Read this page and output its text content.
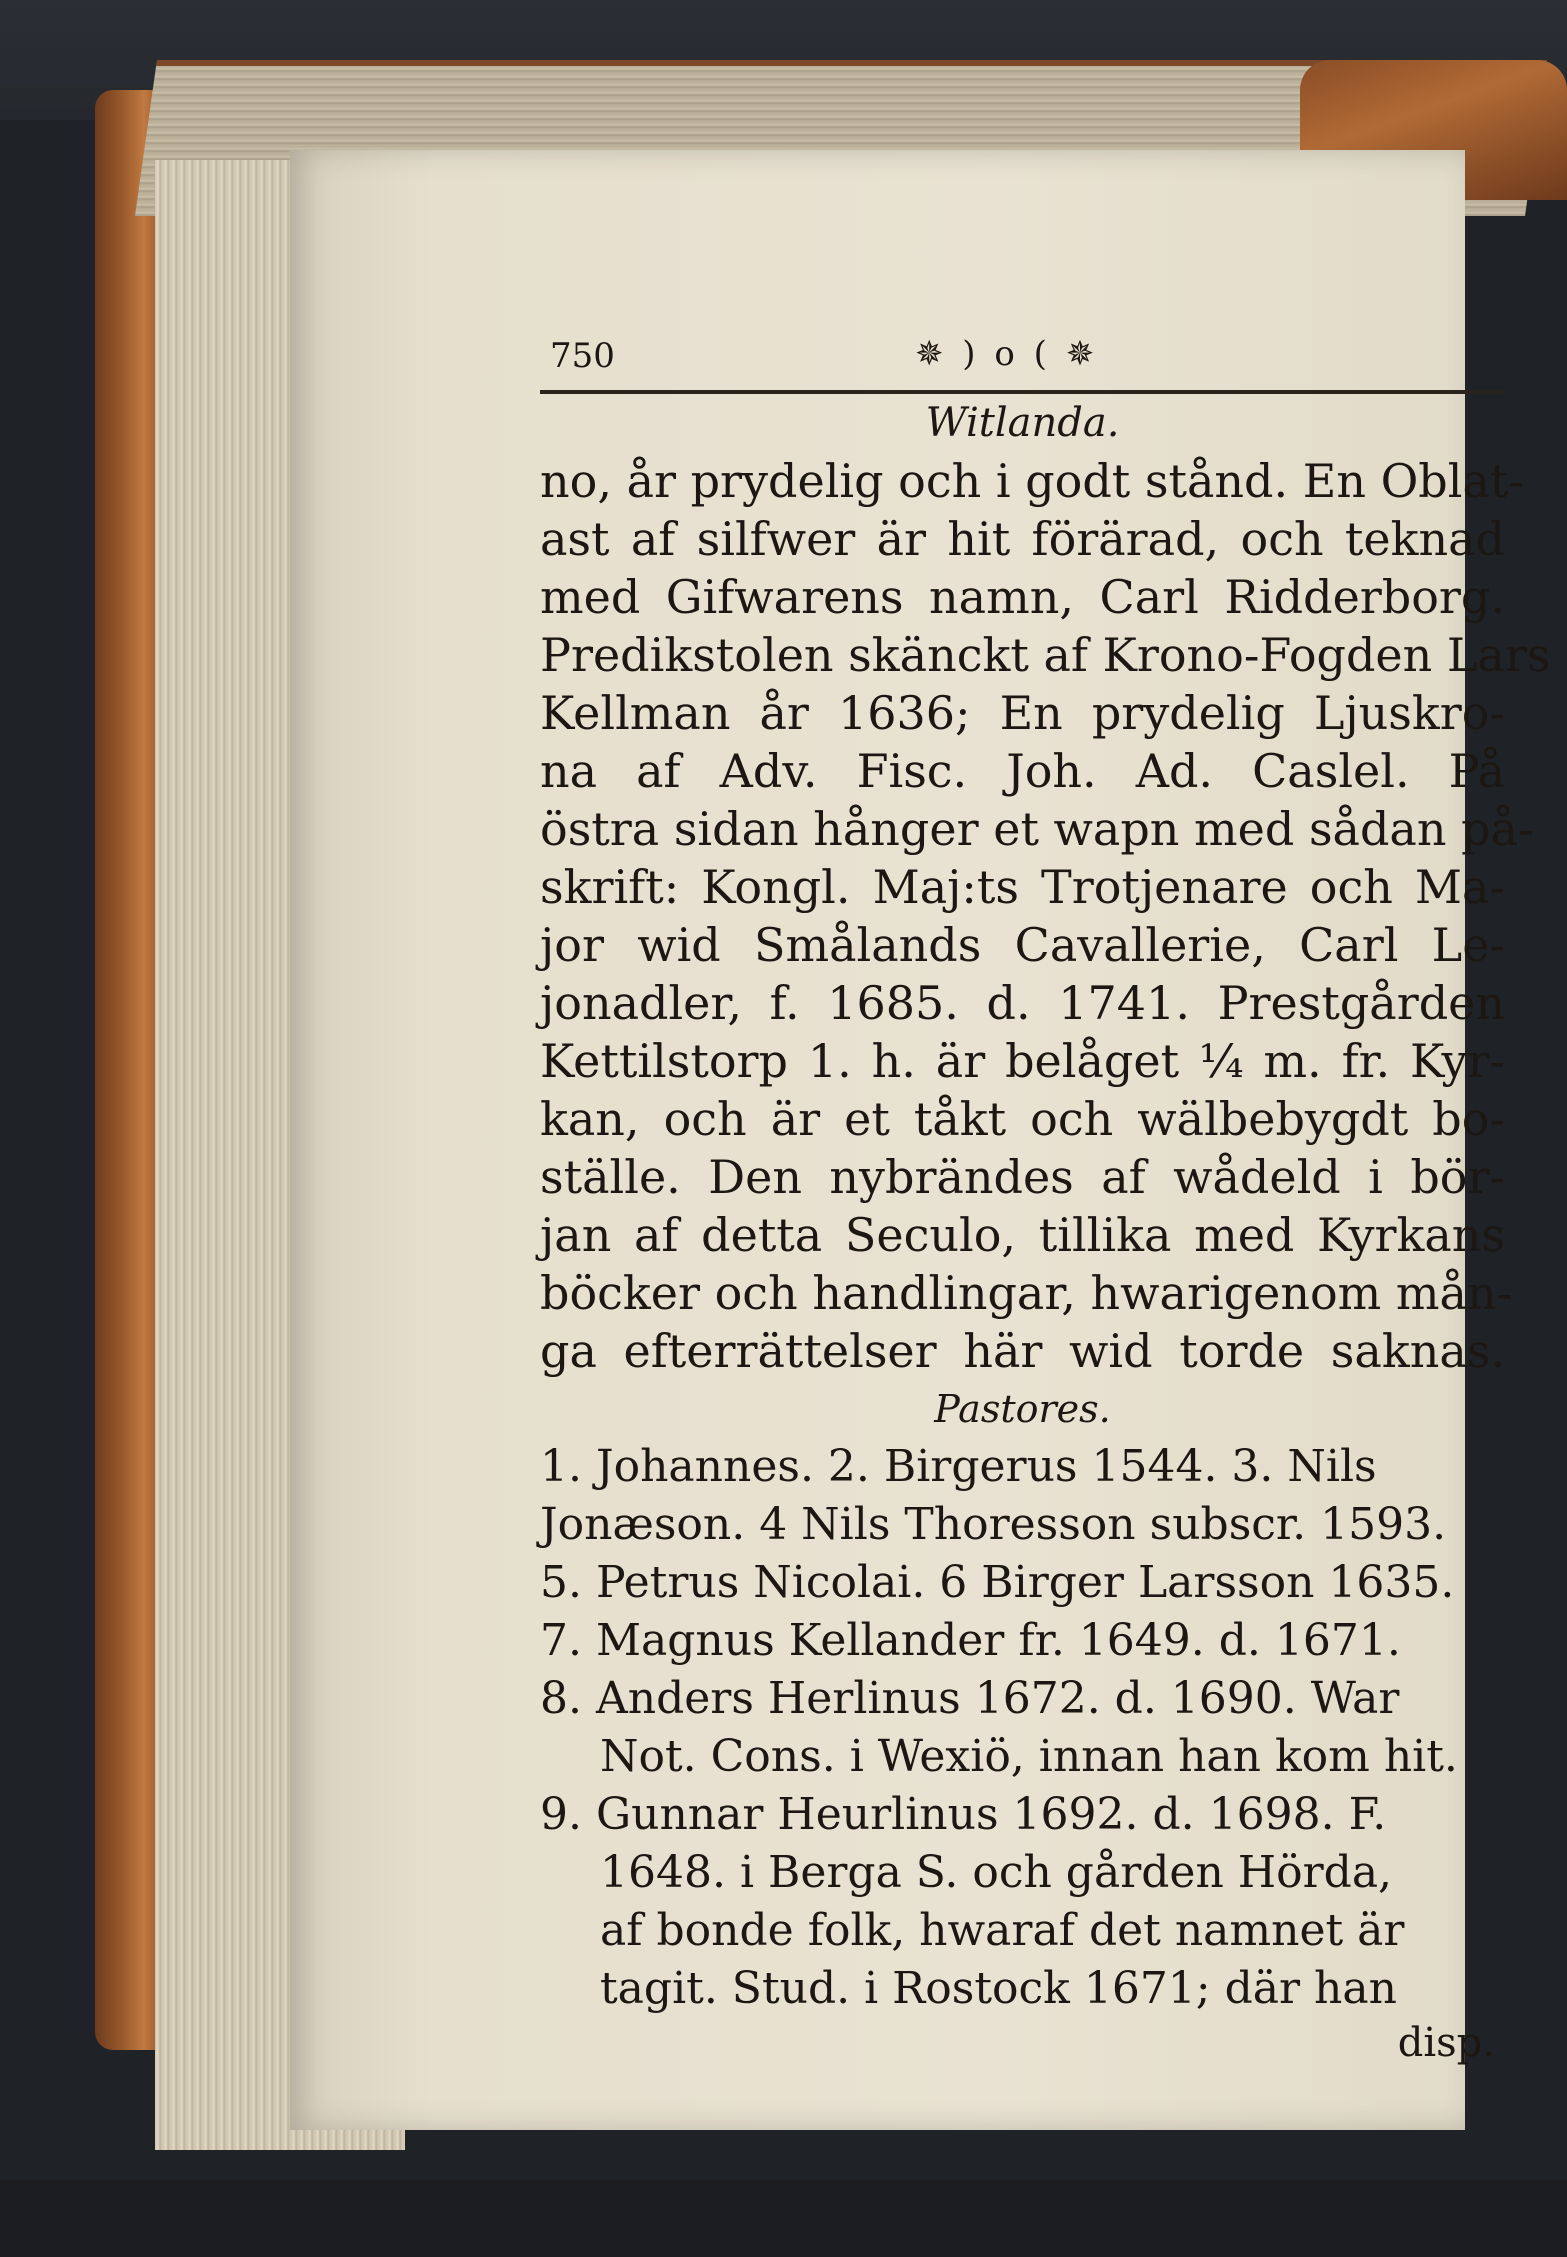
750	✵ ) o ( ✵
Witlanda.
no, år prydelig och i godt stånd. En Oblat-
ast af silfwer är hit förärad, och teknad
med Gifwarens namn, Carl Ridderborg.
Predikstolen skänckt af Krono-Fogden Lars
Kellman år 1636; En prydelig Ljuskro-
na af Adv. Fisc. Joh. Ad. Caslel. På
östra sidan hånger et wapn med sådan på-
skrift: Kongl. Maj:ts Trotjenare och Ma-
jor wid Smålands Cavallerie, Carl Le-
jonadler, f. 1685. d. 1741. Prestgården
Kettilstorp 1. h. är belåget ¼ m. fr. Kyr-
kan, och är et tåkt och wälbebygdt bo-
ställe. Den nybrändes af wådeld i bör-
jan af detta Seculo, tillika med Kyrkans
böcker och handlingar, hwarigenom mån-
ga efterrättelser här wid torde saknas.
Pastores.
1. Johannes. 2. Birgerus 1544. 3. Nils
Jonæson. 4 Nils Thoresson subscr. 1593.
5. Petrus Nicolai. 6 Birger Larsson 1635.
7. Magnus Kellander fr. 1649. d. 1671.
8. Anders Herlinus 1672. d. 1690. War
Not. Cons. i Wexiö, innan han kom hit.
9. Gunnar Heurlinus 1692. d. 1698. F.
1648. i Berga S. och gården Hörda,
af bonde folk, hwaraf det namnet är
tagit. Stud. i Rostock 1671; där han
disp.
